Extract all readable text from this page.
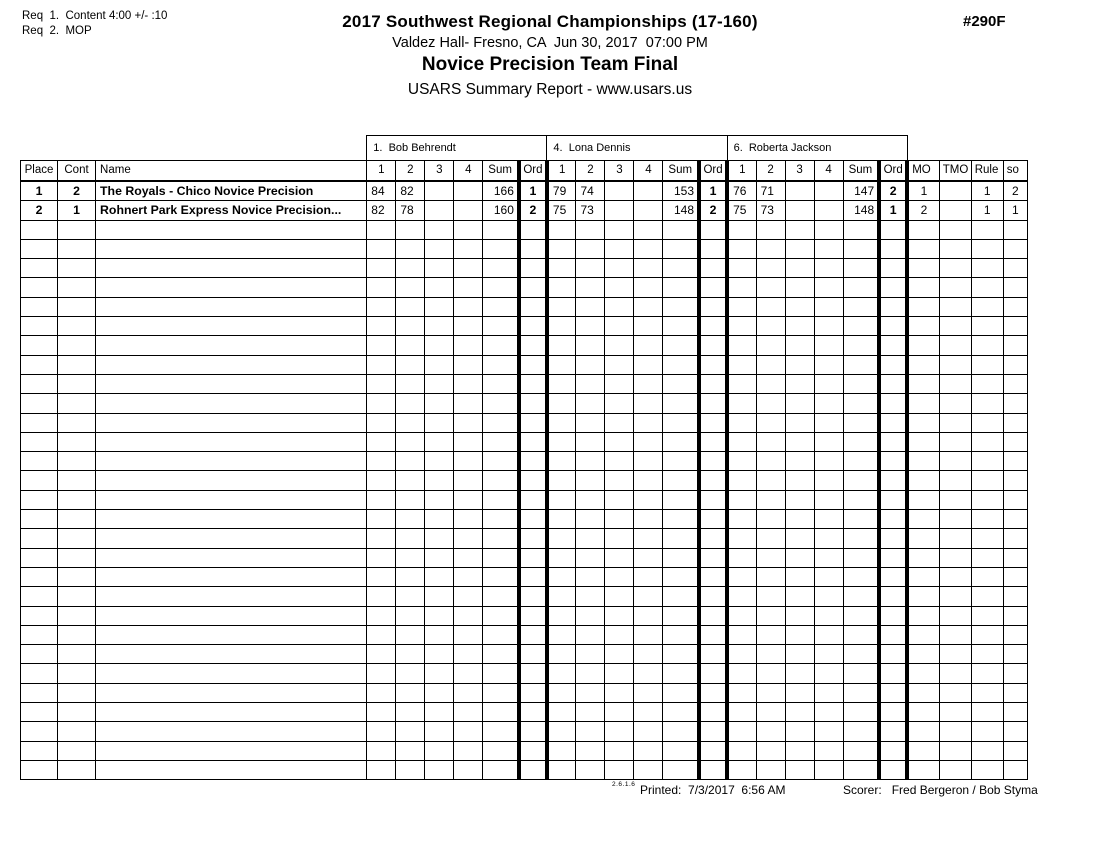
Req  1.  Content 4:00 +/- :10
Req  2.  MOP	2017 Southwest Regional Championships (17-160)
Valdez Hall- Fresno, CA  Jun 30, 2017  07:00 PM
Novice Precision Team Final
USARS Summary Report - www.usars.us
#290F
			1.  Bob Behrendt						4.  Lona Dennis						6.  Roberta Jackson									
Place	Cont	Name	1	2	3	4	Sum	Ord	1	2	3	4	Sum	Ord	1	2	3	4	Sum	Ord	MO	TMO	Rule	so
1	2	The Royals - Chico Novice Precision	84	82			166	1	79	74			153	1	76	71			147	2	1		1	2
2	1	Rohnert Park Express Novice Precision...	82	78			160	2	75	73			148	2	75	73			148	1	2		1	1

2.6.1.6 Printed: 7/3/2017  6:56 AM	Scorer: Fred Bergeron / Bob Styma
